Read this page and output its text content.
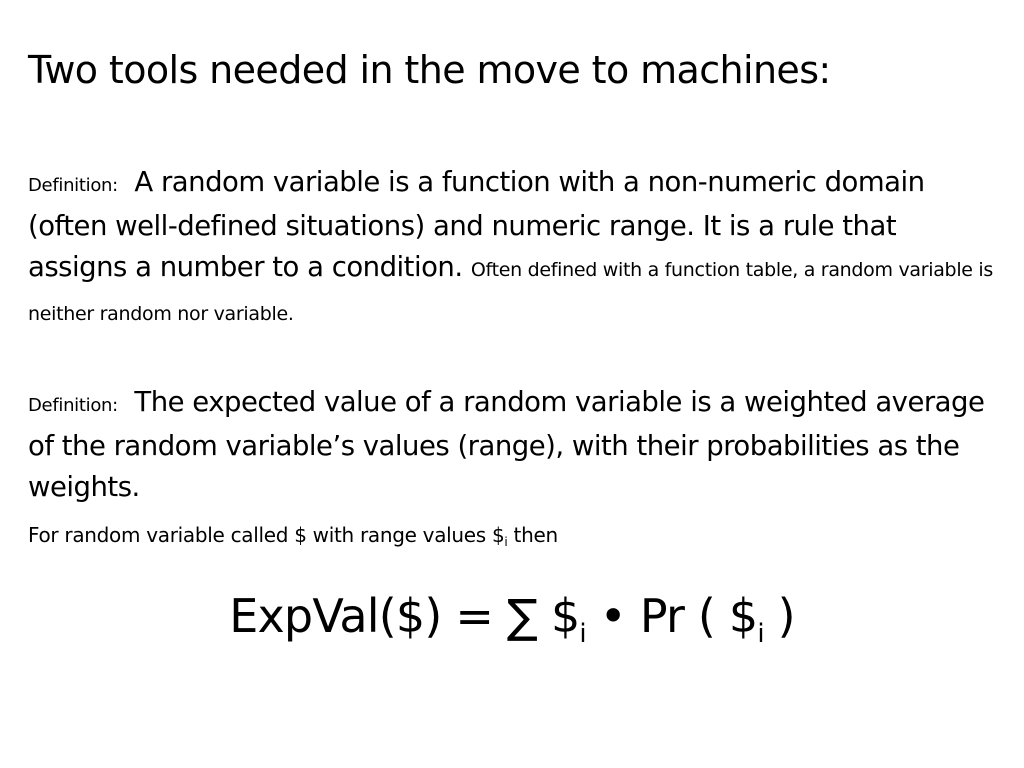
Two tools needed in the move to machines:
Definition: A random variable is a function with a non-numeric domain (often well-defined situations) and numeric range. It is a rule that assigns a number to a condition. Often defined with a function table, a random variable is neither random nor variable.
Definition: The expected value of a random variable is a weighted average of the random variable’s values (range), with their probabilities as the weights.
For random variable called $ with range values $\$_i$ then
ExpVal($) = ∑ $\$_i$ • Pr ( $\$_i$ )
